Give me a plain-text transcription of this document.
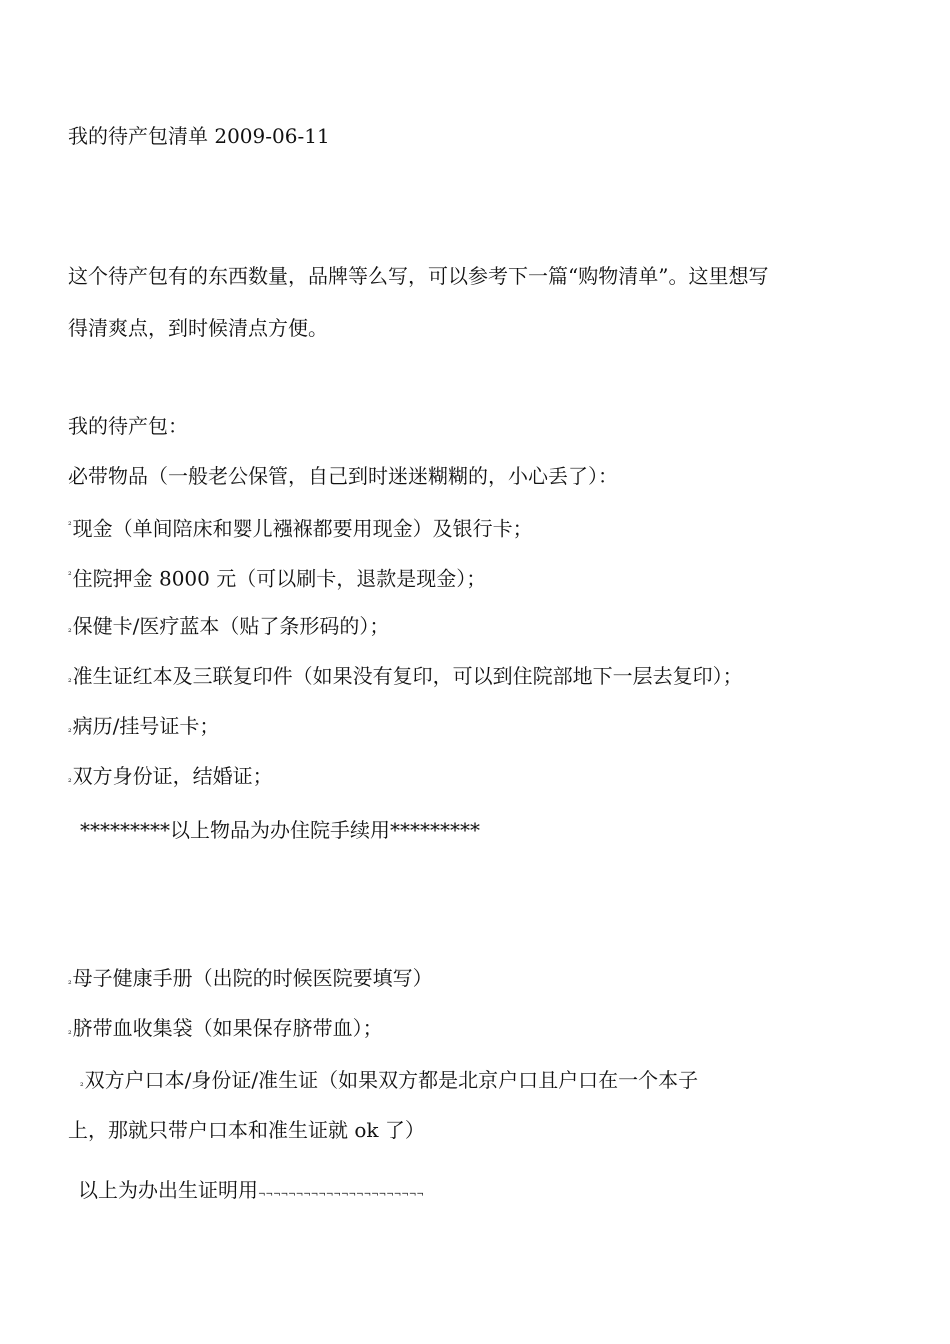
我的待产包清单 2009-06-11
这个待产包有的东西数量，品牌等么写，可以参考下一篇“购物清单”。这里想写
得清爽点，到时候清点方便。
我的待产包：
必带物品（一般老公保管，自己到时迷迷糊糊的，小心丢了）：
$^{^2}$现金（单间陪床和婴儿襁褓都要用现金）及银行卡；
$^{^2}$住院押金 8000 元（可以刷卡，退款是现金）；
²保健卡/医疗蓝本（贴了条形码的）；
²准生证红本及三联复印件（如果没有复印，可以到住院部地下一层去复印）；
²病历/挂号证卡；
²双方身份证，结婚证；
*********以上物品为办住院手续用*********
²母子健康手册（出院的时候医院要填写）
²脐带血收集袋（如果保存脐带血）；
²双方户口本/身份证/准生证（如果双方都是北京户口且户口在一个本子
上，那就只带户口本和准生证就 ok 了）
以上为办出生证明用¬¬¬¬¬¬¬¬¬¬¬¬¬¬¬¬¬¬¬¬¬¬
